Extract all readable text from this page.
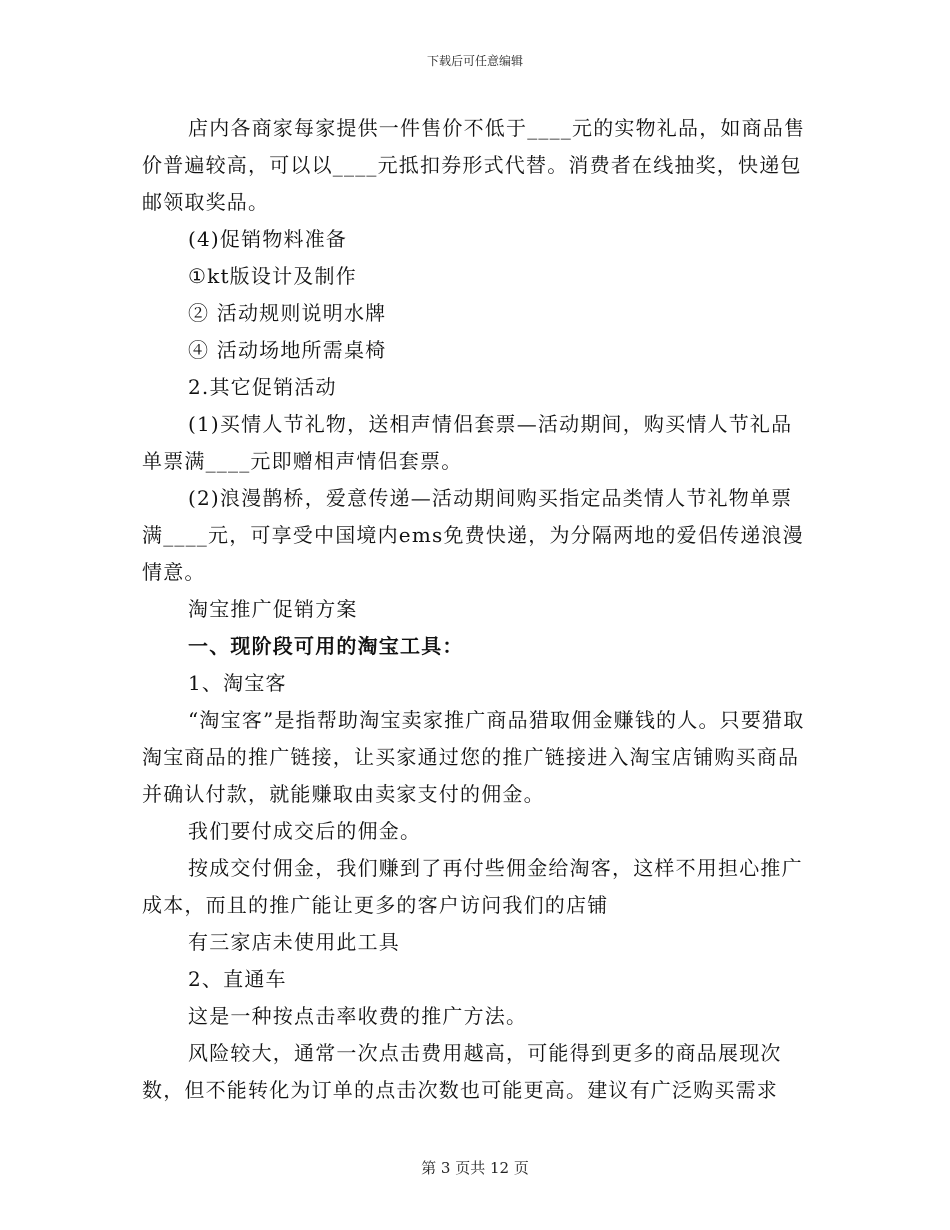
下载后可任意编辑

店内各商家每家提供一件售价不低于____元的实物礼品，如商品售价普遍较高，可以以____元抵扣券形式代替。消费者在线抽奖，快递包邮领取奖品。

(4)促销物料准备

①kt版设计及制作

② 活动规则说明水牌

④ 活动场地所需桌椅

2.其它促销活动

(1)买情人节礼物，送相声情侣套票—活动期间，购买情人节礼品单票满____元即赠相声情侣套票。

(2)浪漫鹊桥，爱意传递—活动期间购买指定品类情人节礼物单票满____元，可享受中国境内ems免费快递，为分隔两地的爱侣传递浪漫情意。

淘宝推广促销方案

一、现阶段可用的淘宝工具：

1、淘宝客

“淘宝客”是指帮助淘宝卖家推广商品猎取佣金赚钱的人。只要猎取淘宝商品的推广链接，让买家通过您的推广链接进入淘宝店铺购买商品并确认付款，就能赚取由卖家支付的佣金。

我们要付成交后的佣金。

按成交付佣金，我们赚到了再付些佣金给淘客，这样不用担心推广成本，而且的推广能让更多的客户访问我们的店铺

有三家店未使用此工具

2、直通车

这是一种按点击率收费的推广方法。

风险较大，通常一次点击费用越高，可能得到更多的商品展现次数，但不能转化为订单的点击次数也可能更高。建议有广泛购买需求

第 3 页共 12 页
